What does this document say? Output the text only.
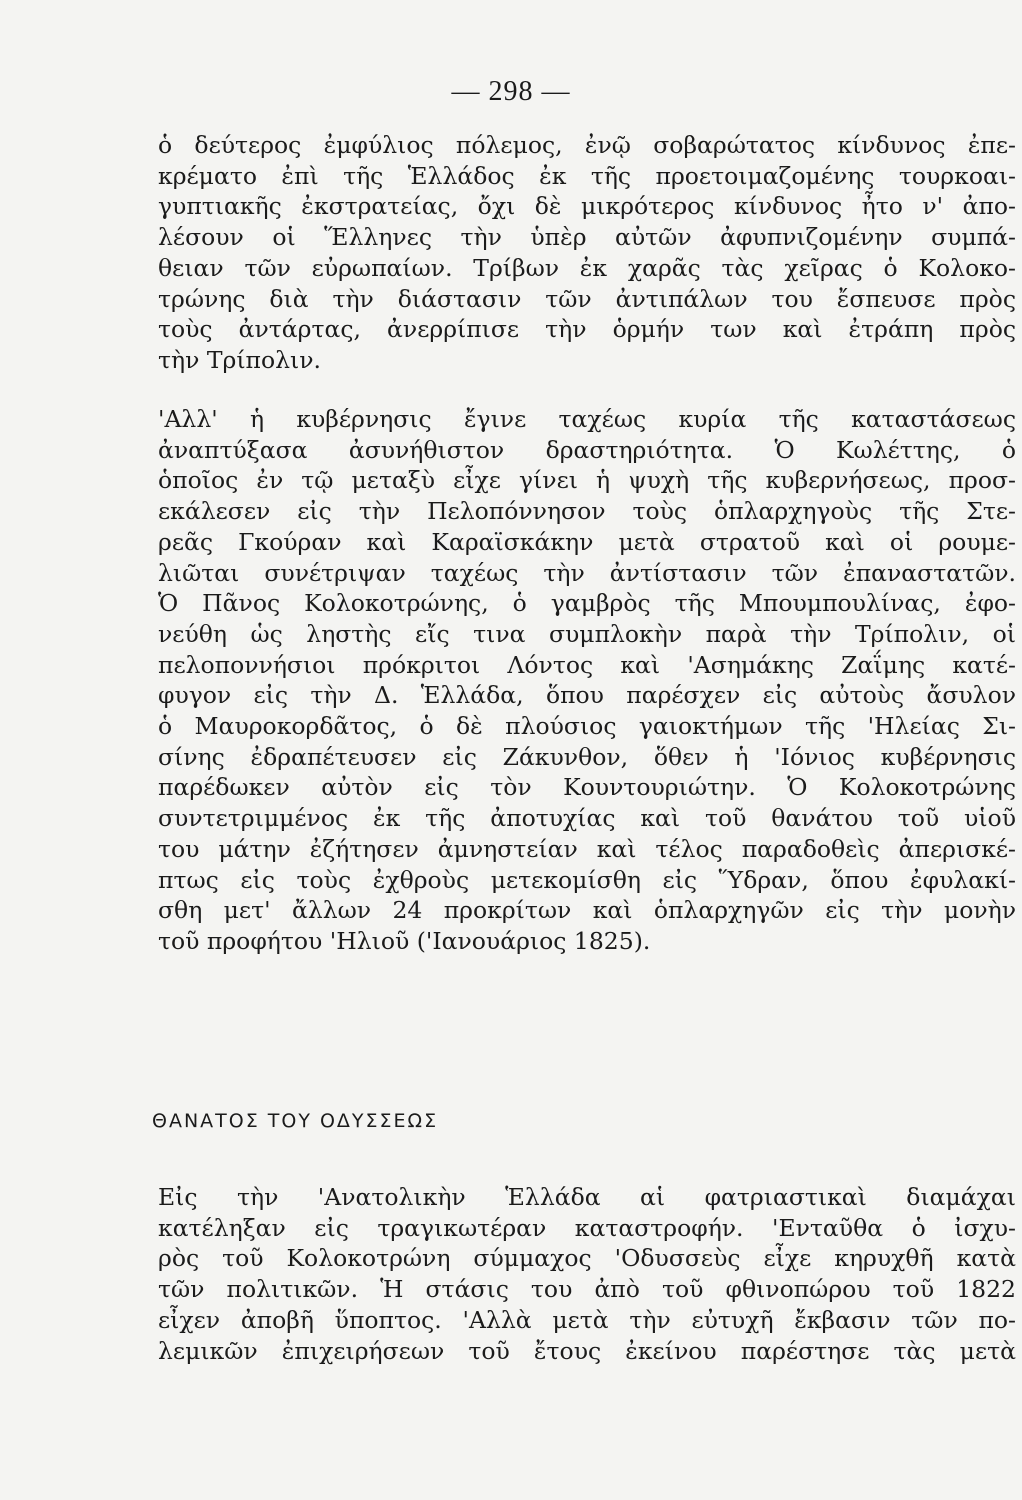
— 298 —
ὁ δεύτερος ἐμφύλιος πόλεμος, ἐνῷ σοβαρώτατος κίνδυνος ἐπε-
κρέματο ἐπὶ τῆς Ἑλλάδος ἐκ τῆς προετοιμαζομένης τουρκοαι-
γυπτιακῆς ἐκστρατείας, ὄχι δὲ μικρότερος κίνδυνος ἦτο ν' ἀπο-
λέσουν οἱ Ἕλληνες τὴν ὑπὲρ αὐτῶν ἀφυπνιζομένην συμπά-
θειαν τῶν εὐρωπαίων. Τρίβων ἐκ χαρᾶς τὰς χεῖρας ὁ Κολοκο-
τρώνης διὰ τὴν διάστασιν τῶν ἀντιπάλων του ἔσπευσε πρὸς
τοὺς ἀντάρτας, ἀνερρίπισε τὴν ὁρμήν των καὶ ἐτράπη πρὸς
τὴν Τρίπολιν.
'Αλλ' ἡ κυβέρνησις ἔγινε ταχέως κυρία τῆς καταστάσεως
ἀναπτύξασα ἀσυνήθιστον δραστηριότητα. Ὁ Κωλέττης, ὁ
ὁποῖος ἐν τῷ μεταξὺ εἶχε γίνει ἡ ψυχὴ τῆς κυβερνήσεως, προσ-
εκάλεσεν εἰς τὴν Πελοπόννησον τοὺς ὁπλαρχηγοὺς τῆς Στε-
ρεᾶς Γκούραν καὶ Καραϊσκάκην μετὰ στρατοῦ καὶ οἱ ρουμε-
λιῶται συνέτριψαν ταχέως τὴν ἀντίστασιν τῶν ἐπαναστατῶν.
Ὁ Πᾶνος Κολοκοτρώνης, ὁ γαμβρὸς τῆς Μπουμπουλίνας, ἐφο-
νεύθη ὡς ληστὴς εἴς τινα συμπλοκὴν παρὰ τὴν Τρίπολιν, οἱ
πελοποννήσιοι πρόκριτοι Λόντος καὶ 'Ασημάκης Ζαΐμης κατέ-
φυγον εἰς τὴν Δ. Ἑλλάδα, ὅπου παρέσχεν εἰς αὐτοὺς ἄσυλον
ὁ Μαυροκορδᾶτος, ὁ δὲ πλούσιος γαιοκτήμων τῆς 'Ηλείας Σι-
σίνης ἐδραπέτευσεν εἰς Ζάκυνθον, ὅθεν ἡ 'Ιόνιος κυβέρνησις
παρέδωκεν αὐτὸν εἰς τὸν Κουντουριώτην. Ὁ Κολοκοτρώνης
συντετριμμένος ἐκ τῆς ἀποτυχίας καὶ τοῦ θανάτου τοῦ υἱοῦ
του μάτην ἐζήτησεν ἀμνηστείαν καὶ τέλος παραδοθεὶς ἀπερισκέ-
πτως εἰς τοὺς ἐχθροὺς μετεκομίσθη εἰς Ὕδραν, ὅπου ἐφυλακί-
σθη μετ' ἄλλων 24 προκρίτων καὶ ὁπλαρχηγῶν εἰς τὴν μονὴν
τοῦ προφήτου 'Ηλιοῦ ('Ιανουάριος 1825).
ΘΑΝΑΤΟΣ ΤΟΥ ΟΔΥΣΣΕΩΣ
Εἰς τὴν 'Ανατολικὴν Ἑλλάδα αἱ φατριαστικαὶ διαμάχαι
κατέληξαν εἰς τραγικωτέραν καταστροφήν. 'Ενταῦθα ὁ ἰσχυ-
ρὸς τοῦ Κολοκοτρώνη σύμμαχος 'Οδυσσεὺς εἶχε κηρυχθῆ κατὰ
τῶν πολιτικῶν. Ἡ στάσις του ἀπὸ τοῦ φθινοπώρου τοῦ 1822
εἶχεν ἀποβῆ ὕποπτος. 'Αλλὰ μετὰ τὴν εὐτυχῆ ἔκβασιν τῶν πο-
λεμικῶν ἐπιχειρήσεων τοῦ ἔτους ἐκείνου παρέστησε τὰς μετὰ
